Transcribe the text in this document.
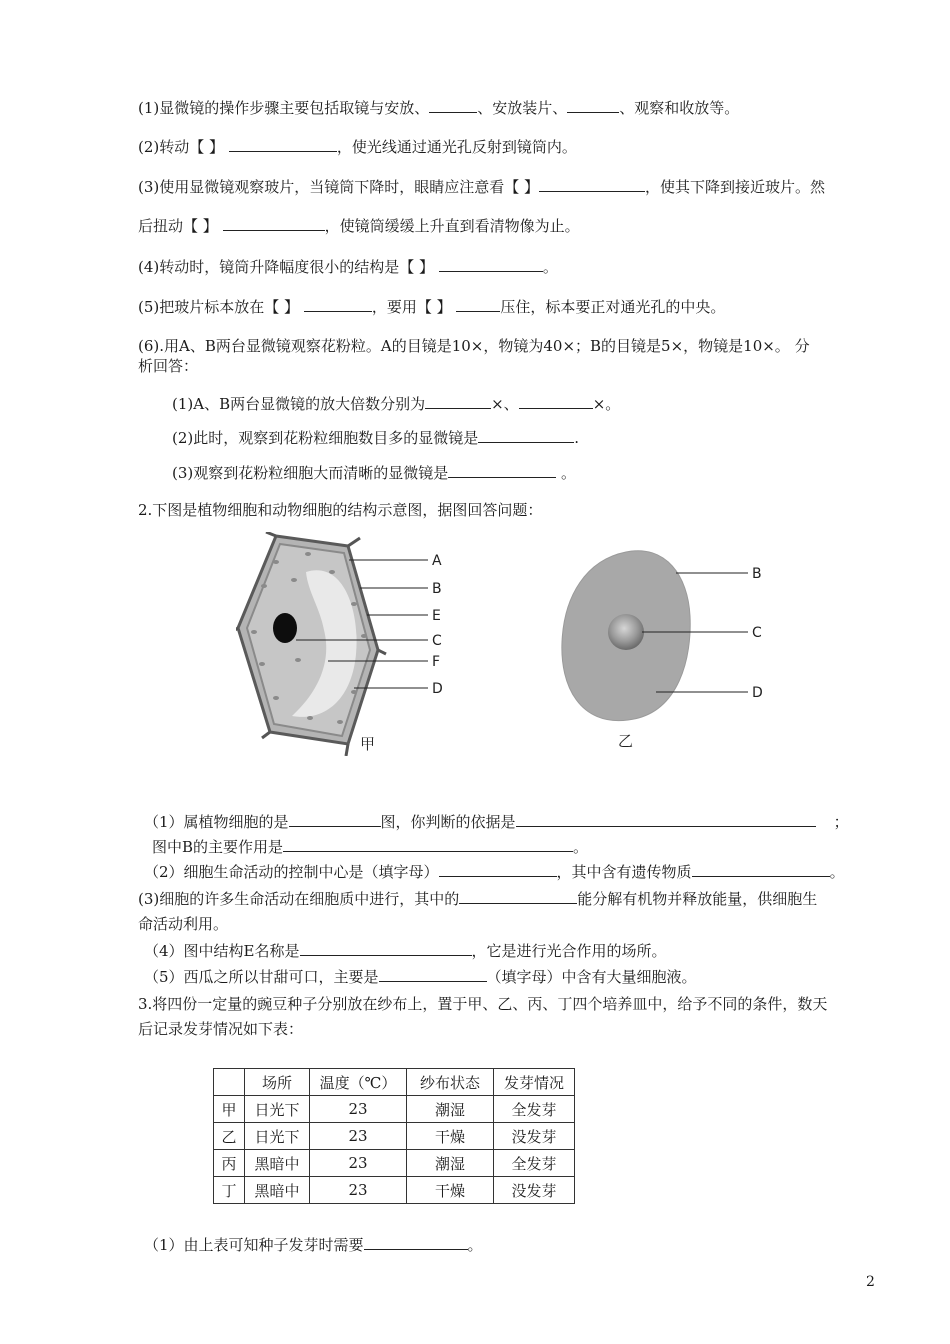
(1)显微镜的操作步骤主要包括取镜与安放、	、安放装片、	、观察和收放等。
(2)转动【 】	，使光线通过通光孔反射到镜筒内。
(3)使用显微镜观察玻片，当镜筒下降时，眼睛应注意看【 】	，使其下降到接近玻片。然
后扭动【 】	，使镜筒缓缓上升直到看清物像为止。
(4)转动时，镜筒升降幅度很小的结构是【 】	。
(5)把玻片标本放在【 】	，要用【 】	压住，标本要正对通光孔的中央。
(6).用A、B两台显微镜观察花粉粒。A的目镜是10×，物镜为40×；B的目镜是5×，物镜是10×。 分
析回答：
(1)A、B两台显微镜的放大倍数分别为	×、	×。
(2)此时，观察到花粉粒细胞数目多的显微镜是	.
(3)观察到花粉粒细胞大而清晰的显微镜是	。
2.下图是植物细胞和动物细胞的结构示意图，据图回答问题：
A
B
E
C
F
D
甲
B
C
D
乙
（1）属植物细胞的是	图，你判断的依据是	；
图中B的主要作用是	。
（2）细胞生命活动的控制中心是（填字母）	，其中含有遗传物质	。
(3)细胞的许多生命活动在细胞质中进行，其中的	能分解有机物并释放能量，供细胞生
命活动利用。
（4）图中结构E名称是	，它是进行光合作用的场所。
（5）西瓜之所以甘甜可口，主要是	（填字母）中含有大量细胞液。
3.将四份一定量的豌豆种子分别放在纱布上，置于甲、乙、丙、丁四个培养皿中，给予不同的条件，数天
后记录发芽情况如下表：
	场所	温度（℃）	纱布状态	发芽情况
甲	日光下	23	潮湿	全发芽
乙	日光下	23	干燥	没发芽
丙	黑暗中	23	潮湿	全发芽
丁	黑暗中	23	干燥	没发芽
（1）由上表可知种子发芽时需要	。
2
